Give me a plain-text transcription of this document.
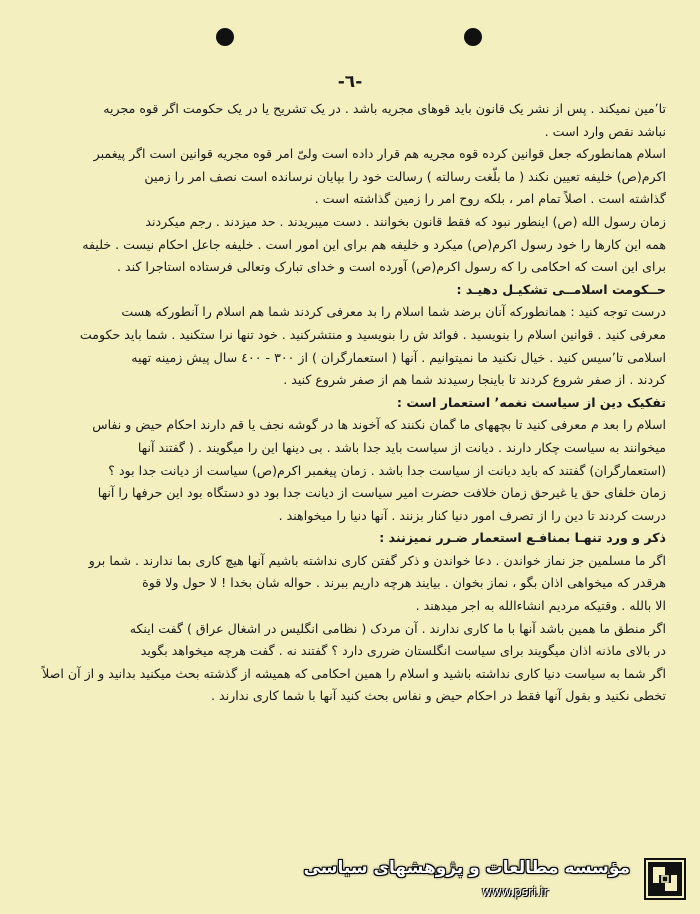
-٦-
تا٬مین نمیکند . پس از نشر یک قانون باید قوهای مجریه باشد . در یک تشریح یا در یک حکومت اگر قوه مجریه
نباشد نقص وارد است .
اسلام همانطورکه جعل قوانین کرده قوه مجریه هم قرار داده است ولیّ امر قوه مجریه قوانین است اگر پیغمبر
اکرم(ص) خلیفه تعیین نکند ( ما بلّغت رسالته ) رسالت خود را بپایان نرسانده است نصف امر را زمین
گذاشته است . اصلاً تمام امر ، بلکه روح امر را زمین گذاشته است .
زمان رسول الله (ص) اینطور نبود که فقط قانون بخوانند . دست میبریدند . حد میزدند . رجم میکردند
همه این کارها را خود رسول اکرم(ص) میکرد و خلیفه هم برای این امور است . خلیفه جاعل احکام نیست . خلیفه
برای این است که احکامی را که رسول اکرم(ص) آورده است و خدای تبارک وتعالی فرستاده استاجرا کند .
حــکومت اسلامــی تشکیـل دهیـد :
درست توجه کنید : همانطورکه آنان برضد شما اسلام را بد معرفی کردند شما هم اسلام را آنطورکه هست
معرفی کنید . قوانین اسلام را بنویسید . فوائد ش را بنویسید و منتشرکنید . خود تنها نرا ستکنید . شما باید حکومت
اسلامی تا٬سیس کنید . خیال نکنید ما نمیتوانیم . آنها ( استعمارگران ) از ۳۰۰ - ٤۰۰ سال پیش زمینه تهیه
کردند . از صفر شروع کردند تا باینجا رسیدند شما هم از صفر شروع کنید .
تفکیک دین از سیاست نغمه٬ استعمار است :
اسلام را بعد م معرفی کنید تا بچههای ما گمان نکنند که آخوند ها در گوشه نجف یا قم دارند احکام حیض و نفاس
میخوانند به سیاست چکار دارند . دیانت از سیاست باید جدا باشد . بی دینها این را میگویند . ( گفتند آنها
(استعمارگران) گفتند که باید دیانت از سیاست جدا باشد . زمان پیغمبر اکرم(ص) سیاست از دیانت جدا بود ؟
زمان خلفای حق یا غیرحق زمان خلافت حضرت امیر سیاست از دیانت جدا بود دو دستگاه بود این حرفها را آنها
درست کردند تا دین را از تصرف امور دنیا کنار بزنند . آنها دنیا را میخواهند .
ذکر و ورد تنهـا بمنافـع استعمار ضـرر نمیزنند :
اگر ما مسلمین جز نماز خواندن . دعا خواندن و ذکر گفتن کاری نداشته باشیم آنها هیچ کاری بما ندارند . شما برو
هرقدر که میخواهی اذان بگو ، نماز بخوان . بیایند هرچه داریم ببرند . حواله شان بخدا ! لا حول ولا قوة
الا بالله . وقتیکه مردیم انشاءالله به اجر میدهند .
اگر منطق ما همین باشد آنها با ما کاری ندارند . آن مردک ( نظامی انگلیس در اشغال عراق ) گفت اینکه
در بالای ماذنه اذان میگویند برای سیاست انگلستان ضرری دارد ؟ گفتند نه . گفت هرچه میخواهد بگوید
اگر شما به سیاست دنیا کاری نداشته باشید و اسلام را همین احکامی که همیشه از گذشته بحث میکنید بدانید و از آن اصلاً
تخطی نکنید و بقول آنها فقط در احکام حیض و نفاس بحث کنید آنها با شما کاری ندارند .
مؤسسه مطالعات و پژوهشهای سیاسی
www.psri.ir
